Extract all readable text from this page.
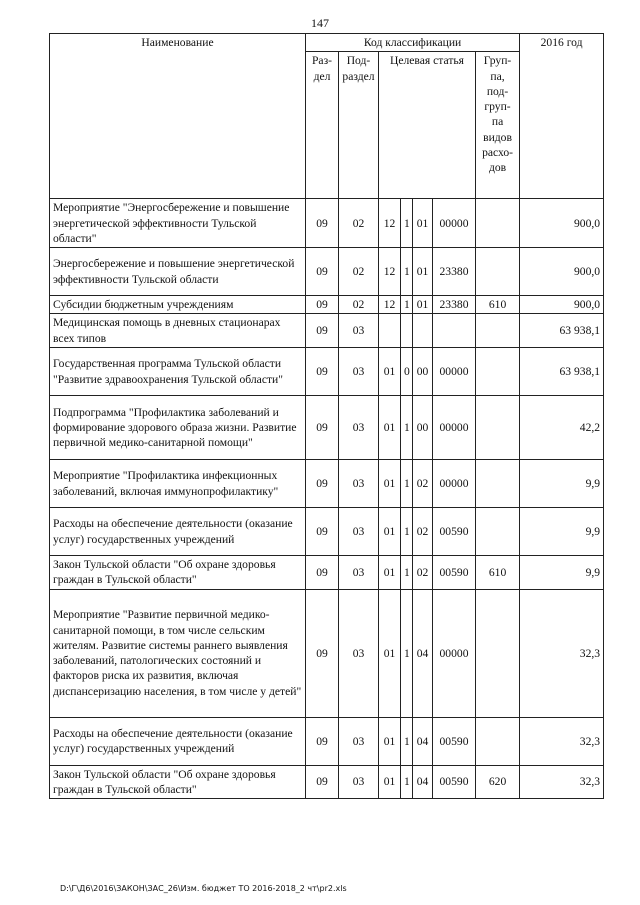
147
Наименование	Код классификации							2016 год
	Раз-дел	Под-раздел	Целевая статья				Груп-па, под-груп-па видов расхо-дов	
Мероприятие "Энергосбережение и повышение энергетической эффективности Тульской области"	09	02	12	1	01	00000		900,0
Энергосбережение и повышение энергетической эффективности Тульской области	09	02	12	1	01	23380		900,0
Субсидии бюджетным учреждениям	09	02	12	1	01	23380	610	900,0
Медицинская помощь в дневных стационарах всех типов	09	03						63 938,1
Государственная программа Тульской области "Развитие здравоохранения Тульской области"	09	03	01	0	00	00000		63 938,1
Подпрограмма "Профилактика заболеваний и формирование здорового образа жизни. Развитие первичной медико-санитарной помощи"	09	03	01	1	00	00000		42,2
Мероприятие "Профилактика инфекционных заболеваний, включая иммунопрофилактику"	09	03	01	1	02	00000		9,9
Расходы на обеспечение деятельности (оказание услуг) государственных учреждений	09	03	01	1	02	00590		9,9
Закон Тульской области "Об охране здоровья граждан в Тульской области"	09	03	01	1	02	00590	610	9,9
Мероприятие "Развитие первичной медико-санитарной помощи, в том числе сельским жителям. Развитие системы раннего выявления заболеваний, патологических состояний и факторов риска их развития, включая диспансеризацию населения, в том числе у детей"	09	03	01	1	04	00000		32,3
Расходы на обеспечение деятельности (оказание услуг) государственных учреждений	09	03	01	1	04	00590		32,3
Закон Тульской области "Об охране здоровья граждан в Тульской области"	09	03	01	1	04	00590	620	32,3
D:\Г\Д6\2016\ЗАКОН\ЗАС_26\Изм. бюджет ТО 2016-2018_2 чт\pr2.xls
